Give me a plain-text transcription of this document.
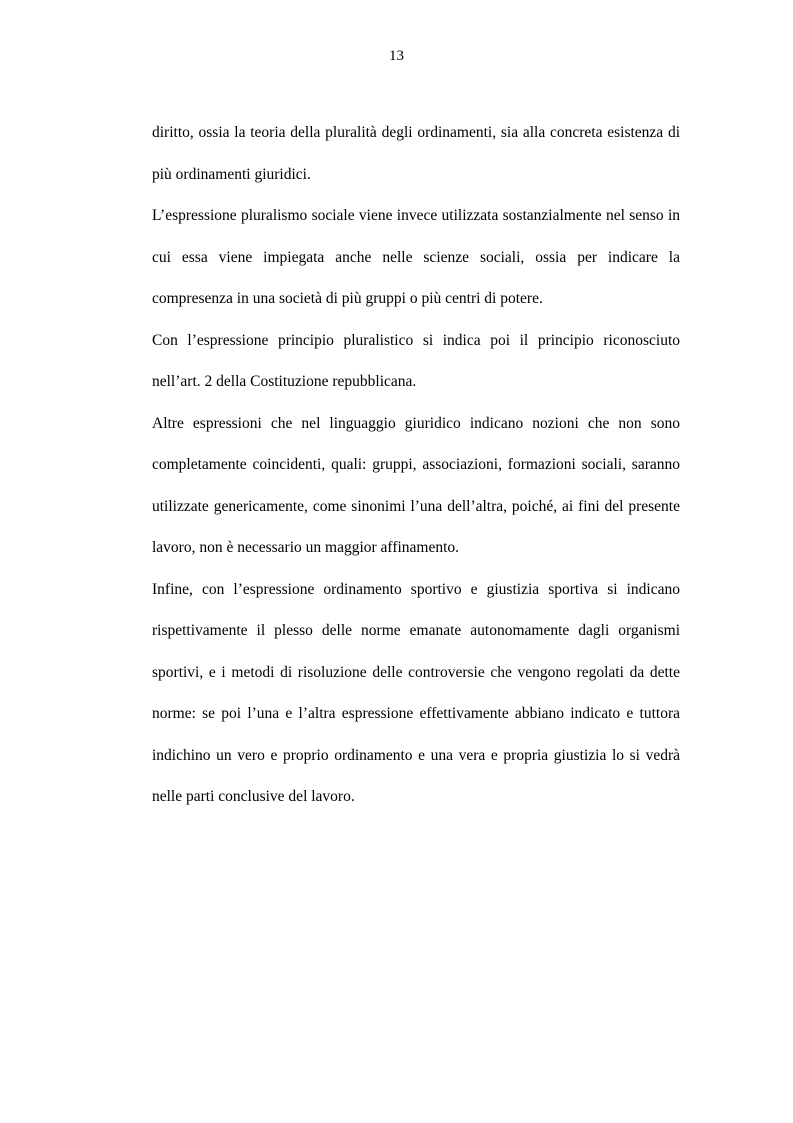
13

diritto, ossia la teoria della pluralità degli ordinamenti, sia alla concreta esistenza di più ordinamenti giuridici.

L’espressione pluralismo sociale viene invece utilizzata sostanzialmente nel senso in cui essa viene impiegata anche nelle scienze sociali, ossia per indicare la compresenza in una società di più gruppi o più centri di potere.

Con l’espressione principio pluralistico si indica poi il principio riconosciuto nell’art. 2 della Costituzione repubblicana.

Altre espressioni che nel linguaggio giuridico indicano nozioni che non sono completamente coincidenti, quali: gruppi, associazioni, formazioni sociali, saranno utilizzate genericamente, come sinonimi l’una dell’altra, poiché, ai fini del presente lavoro, non è necessario un maggior affinamento.

Infine, con l’espressione ordinamento sportivo e giustizia sportiva si indicano rispettivamente il plesso delle norme emanate autonomamente dagli organismi sportivi, e i metodi di risoluzione delle controversie che vengono regolati da dette norme: se poi l’una e l’altra espressione effettivamente abbiano indicato e tuttora indichino un vero e proprio ordinamento e una vera e propria giustizia lo si vedrà nelle parti conclusive del lavoro.
